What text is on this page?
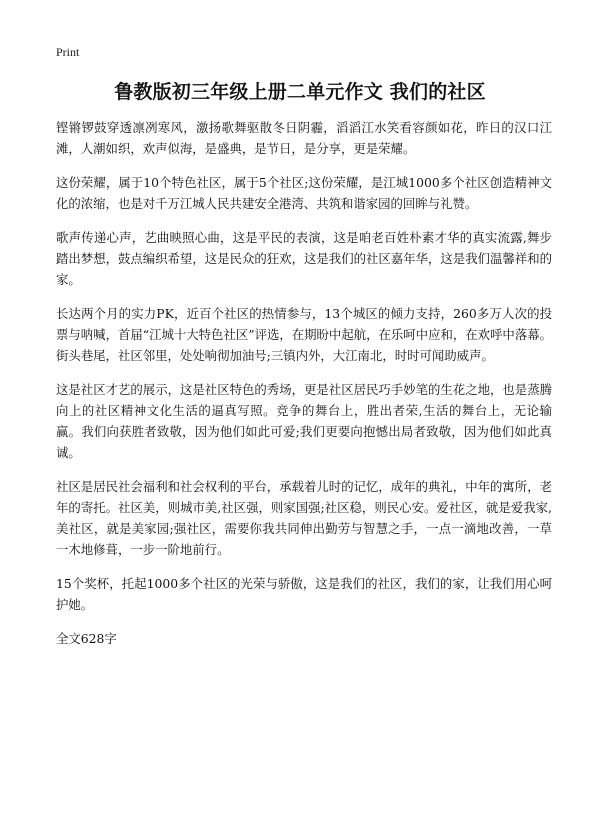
Print
鲁教版初三年级上册二单元作文 我们的社区

铿锵锣鼓穿透凛冽寒风，激扬歌舞驱散冬日阴霾，滔滔江水笑看容颜如花，昨日的汉口江滩，人潮如织，欢声似海，是盛典，是节日，是分享，更是荣耀。

这份荣耀，属于10个特色社区，属于5个社区;这份荣耀，是江城1000多个社区创造精神文化的浓缩，也是对千万江城人民共建安全港湾、共筑和谐家园的回眸与礼赞。

歌声传递心声，艺曲映照心曲，这是平民的表演，这是咱老百姓朴素才华的真实流露,舞步踏出梦想，鼓点编织希望，这是民众的狂欢，这是我们的社区嘉年华，这是我们温馨祥和的家。

长达两个月的实力PK，近百个社区的热情参与，13个城区的倾力支持，260多万人次的投票与呐喊，首届“江城十大特色社区”评选，在期盼中起航，在乐呵中应和，在欢呼中落幕。街头巷尾，社区邻里，处处响彻加油号;三镇内外，大江南北，时时可闻助威声。

这是社区才艺的展示，这是社区特色的秀场，更是社区居民巧手妙笔的生花之地，也是蒸腾向上的社区精神文化生活的逼真写照。竞争的舞台上，胜出者荣,生活的舞台上，无论输赢。我们向获胜者致敬，因为他们如此可爱;我们更要向抱憾出局者致敬，因为他们如此真诚。

社区是居民社会福利和社会权利的平台，承载着儿时的记忆，成年的典礼，中年的寓所，老年的寄托。社区美，则城市美,社区强，则家国强;社区稳，则民心安。爱社区，就是爱我家,美社区，就是美家园;强社区，需要你我共同伸出勤劳与智慧之手，一点一滴地改善，一草一木地修葺，一步一阶地前行。

15个奖杯，托起1000多个社区的光荣与骄傲，这是我们的社区，我们的家，让我们用心呵护她。

全文628字
